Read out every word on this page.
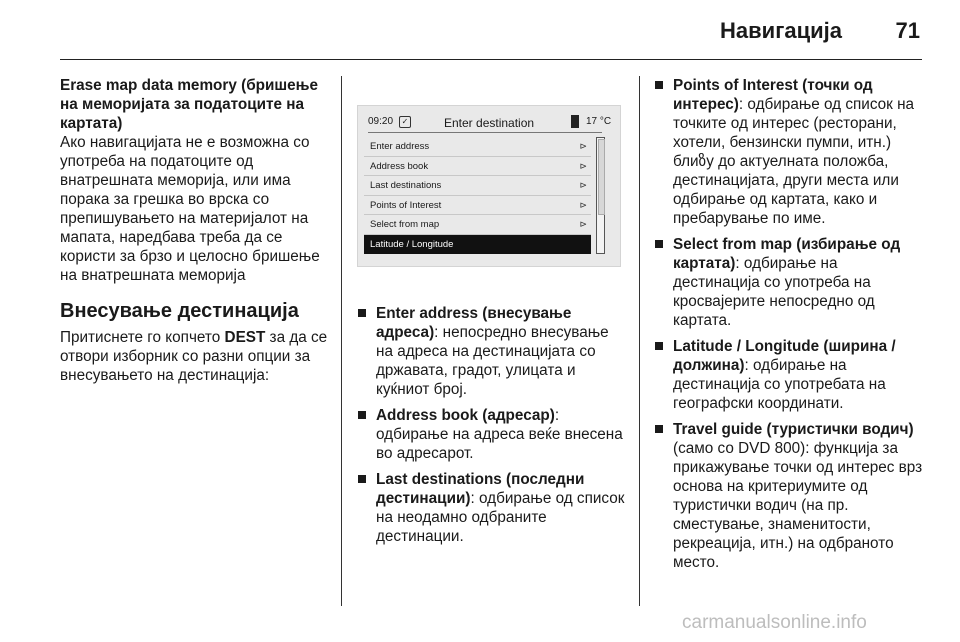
Навигација 71

Erase map data memory (бришење на меморијата за податоците на картата)

Ако навигацијата не е возможна со употреба на податоците од внатрешната меморија, или има порака за грешка во врска со препишувањето на материјалот на мапата, наредбава треба да се користи за брзо и целосно бришење на внатрешната меморија

Внесување дестинација

Притиснете го копчето DEST за да се отвори изборник со разни опции за внесувањето на дестинација:

09:20	✓	Enter destination	17 °C
Enter address	⊳
Address book	⊳
Last destinations	⊳
Points of Interest	⊳
Select from map	⊳
Latitude / Longitude
Enter address (внесување адреса): непосредно внесување на адреса на дестинацијата со државата, градот, улицата и куќниот број.
Address book (адресар): одбирање на адреса веќе внесена во адресарот.
Last destinations (последни дестинации): одбирање од список на неодамно одбраните дестинации.
Points of Interest (точки од интерес): одбирање од список на точките од интерес (ресторани, хотели, бензински пумпи, итн.) блиზу до актуелната положба, дестинацијата, други места или одбирање од картата, како и пребарување по име.
Select from map (избирање од картата): одбирање на дестинација со употреба на кросвајерите непосредно од картата.
Latitude / Longitude (ширина / должина): одбирање на дестинација со употребата на географски координати.
Travel guide (туристички водич) (само со DVD 800): функција за прикажување точки од интерес врз основа на критериумите од туристички водич (на пр. сместување, знаменитости, рекреација, итн.) на одбраното место.
carmanualsonline.info
